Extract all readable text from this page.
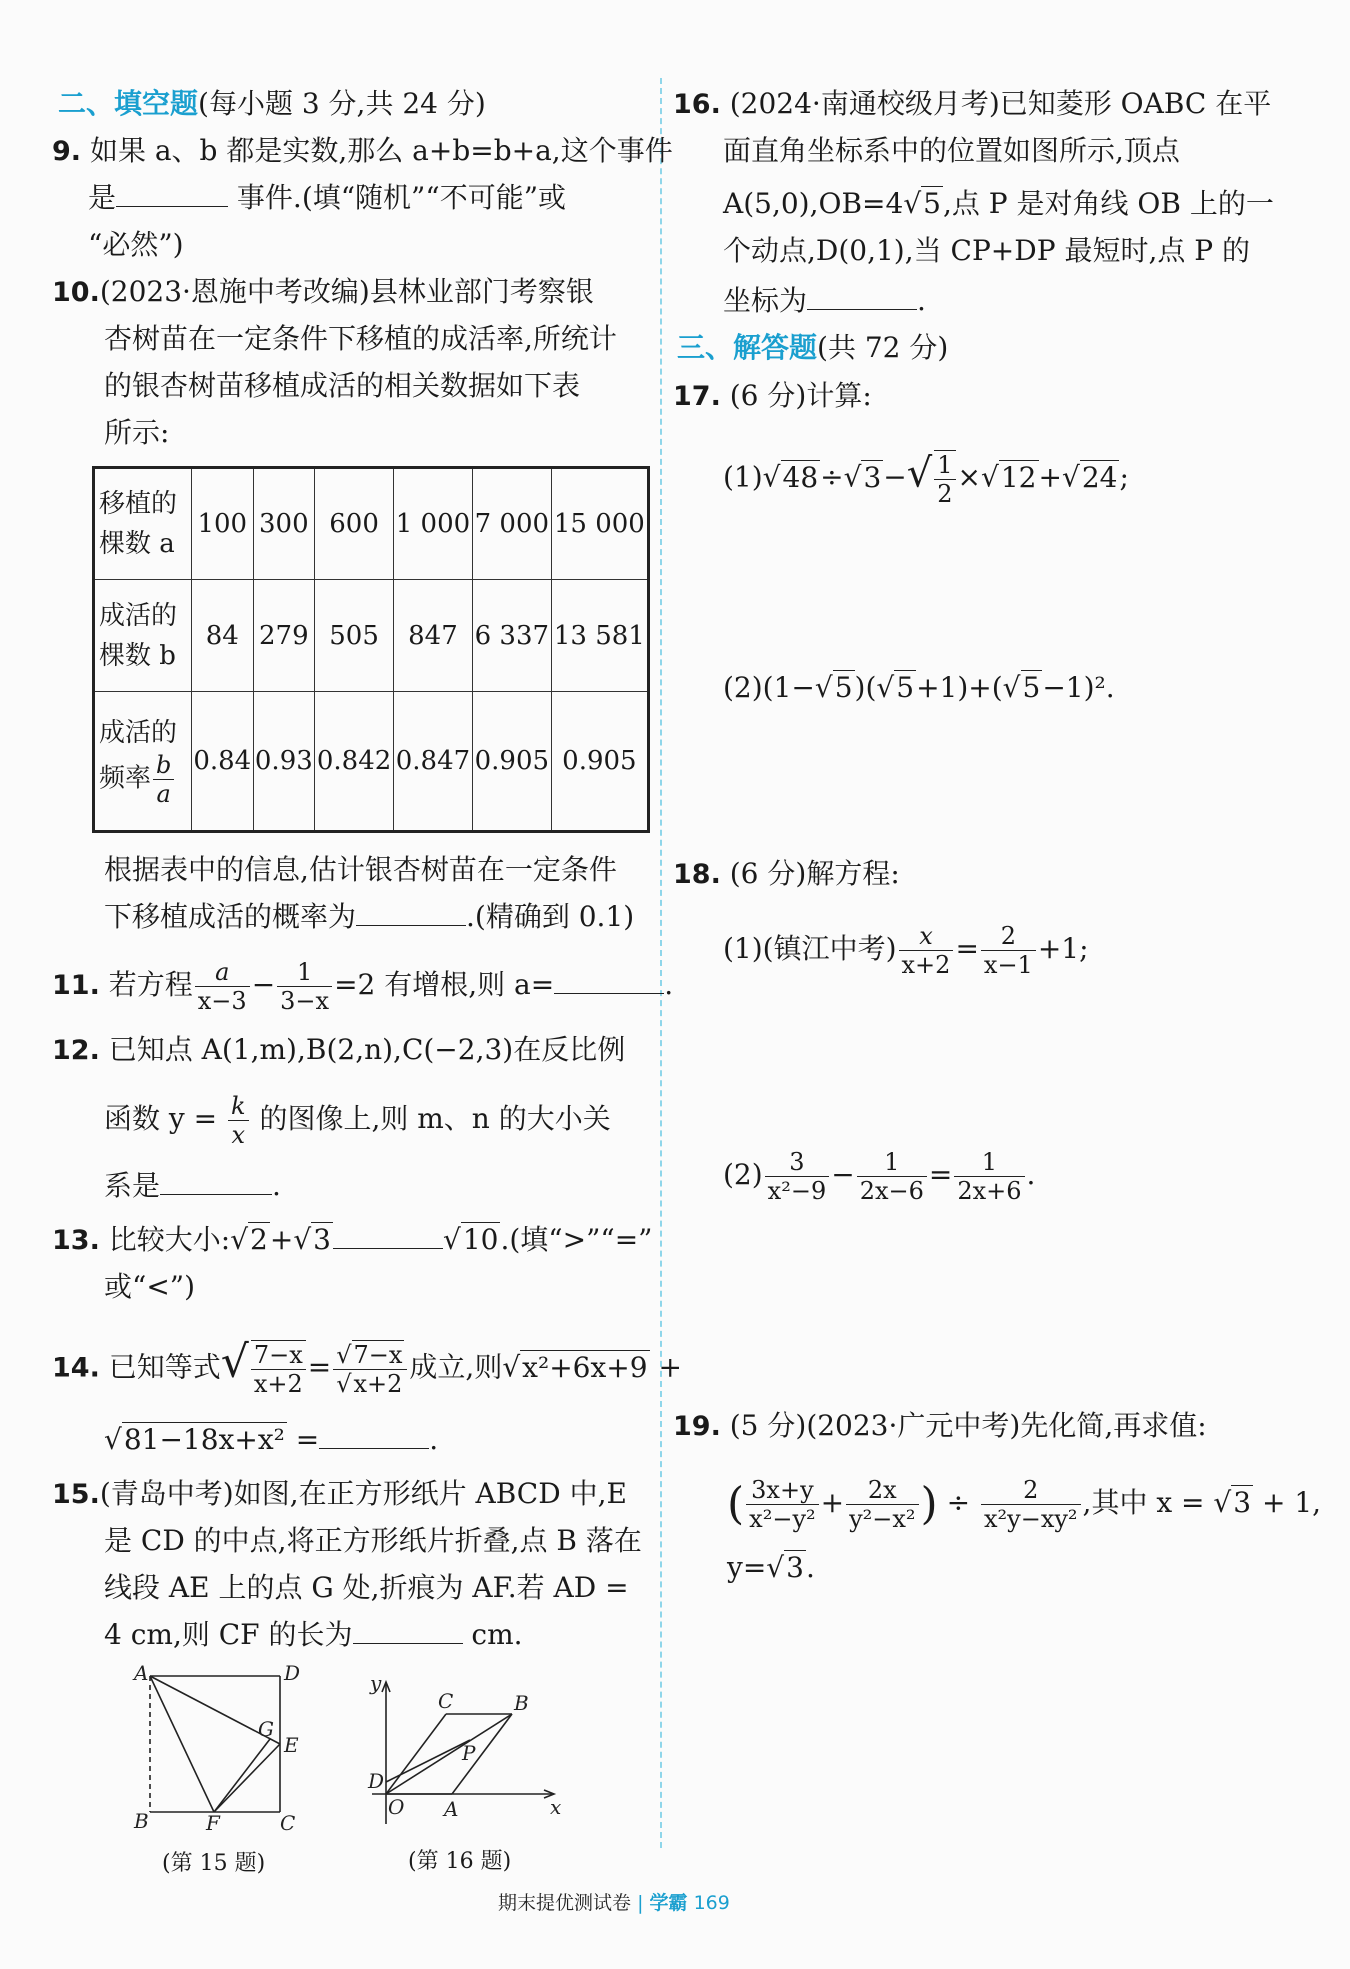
二、填空题(每小题 3 分,共 24 分)
9. 如果 a、b 都是实数,那么 a+b=b+a,这个事件
是	事件.(填“随机”“不可能”或
“必然”)
10.(2023·恩施中考改编)县林业部门考察银
杏树苗在一定条件下移植的成活率,所统计
的银杏树苗移植成活的相关数据如下表
所示:
移植的
棵数 a	100	300	600	1 000	7 000	15 000
成活的
棵数 b	84	279	505	847	6 337	13 581
成活的
频率 $\frac{b}{a}$	0.84	0.93	0.842	0.847	0.905	0.905
根据表中的信息,估计银杏树苗在一定条件
下移植成活的概率为	.(精确到 0.1)
11. 若方程 $\frac{a}{x-3} - \frac{1}{3-x} =2$ 有增根,则 a=	.
12. 已知点 A(1,m),B(2,n),C(−2,3)在反比例
函数 $y = \frac{k}{x}$ 的图像上,则 m、n 的大小关
系是	.
13. 比较大小:√2+√3	√10.(填“>”“=”
或“<”)
14. 已知等式√ $\frac{7-x}{x+2} = \frac{√7-x}{√x+2}$ 成立,则√x²+6x+9 +
√81−18x+x² =	.
15.(青岛中考)如图,在正方形纸片 ABCD 中,E
是 CD 的中点,将正方形纸片折叠,点 B 落在
线段 AE 上的点 G 处,折痕为 AF.若 AD =
4 cm,则 CF 的长为	cm.
A	D
E
G
B	F	C
(第 15 题)
y
x
O A
B
C
D
P
(第 16 题)
16. (2024·南通校级月考)已知菱形 OABC 在平
面直角坐标系中的位置如图所示,顶点
A(5,0),OB=4√5,点 P 是对角线 OB 上的一
个动点,D(0,1),当 CP+DP 最短时,点 P 的
坐标为	.
三、解答题(共 72 分)
17. (6 分)计算:
$(1)√48\div√3-√ \frac{1}{2} \times√12+√24$;
(2)(1−√5)(√5+1)+(√5−1)².
18. (6 分)解方程:
(1)(镇江中考) $\frac{x}{x+2} = \frac{2}{x-1} +1$;
$(2) \frac{3}{\text{x²−9}} - \frac{1}{2x-6} = \frac{1}{2x+6}$ .
19. (5 分)(2023·广元中考)先化简,再求值:
( $\frac{3x+y}{\text{x²−y²}} + \frac{2x}{\text{y²−x²}}$ ) ÷ $\frac{2}{\text{x²y−xy²}}$ ,其中 x = √3 + 1,
y=√3.
期末提优测试卷 | 学霸 169
